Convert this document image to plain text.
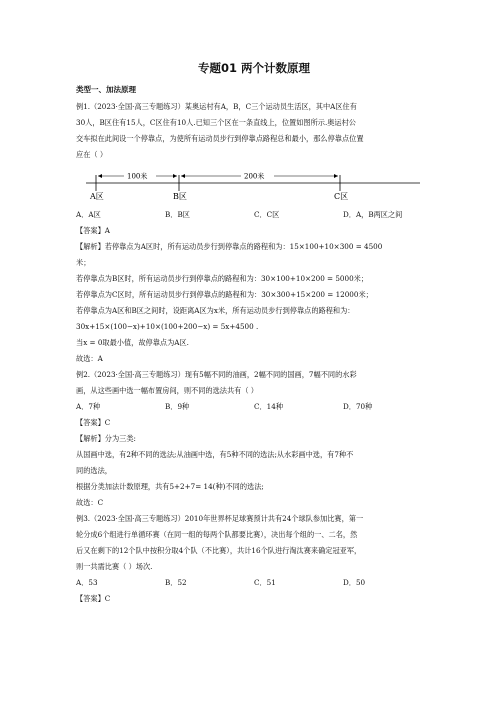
专题01 两个计数原理
类型一、加法原理

例1.（2023·全国·高三专题练习）某奥运村有A，B，C三个运动员生活区，其中A区住有

30人，B区住有15人，C区住有10人.已知三个区在一条直线上，位置如图所示.奥运村公

交车拟在此间设一个停靠点，为使所有运动员步行到停靠点路程总和最小，那么停靠点位置

应在（ ）

100米	200米
A区	B区	C区
A．A区	B．B区	C．C区	D．A，B两区之间
【答案】A

【解析】若停靠点为A区时，所有运动员步行到停靠点的路程和为：15×100+10×300 = 4500

米；

若停靠点为B区时，所有运动员步行到停靠点的路程和为：30×100+10×200 = 5000米；

若停靠点为C区时，所有运动员步行到停靠点的路程和为：30×300+15×200 = 12000米；

若停靠点为A区和B区之间时，设距离A区为x米，所有运动员步行到停靠点的路程和为：

30x+15×(100−x)+10×(100+200−x) = 5x+4500 .

当x = 0取最小值，故停靠点为A区.

故选：A

例2.（2023·全国·高三专题练习）现有5幅不同的油画，2幅不同的国画，7幅不同的水彩

画，从这些画中选一幅布置房间，则不同的选法共有（ ）

A．7种	B．9种	C．14种	D．70种
【答案】C

【解析】分为三类:

从国画中选，有2种不同的选法;从油画中选，有5种不同的选法;从水彩画中选，有7种不

同的选法，

根据分类加法计数原理，共有5+2+7= 14(种)不同的选法;

故选：C

例3.（2023·全国·高三专题练习）2010年世界杯足球赛预计共有24个球队参加比赛，第一

轮分成6个组进行单循环赛（在同一组的每两个队都要比赛），决出每个组的一、二名，然

后又在剩下的12个队中按积分取4个队（不比赛），共计16个队进行淘汰赛来确定冠亚军，

则一共需比赛（ ）场次.

A．53	B．52	C．51	D．50
【答案】C
